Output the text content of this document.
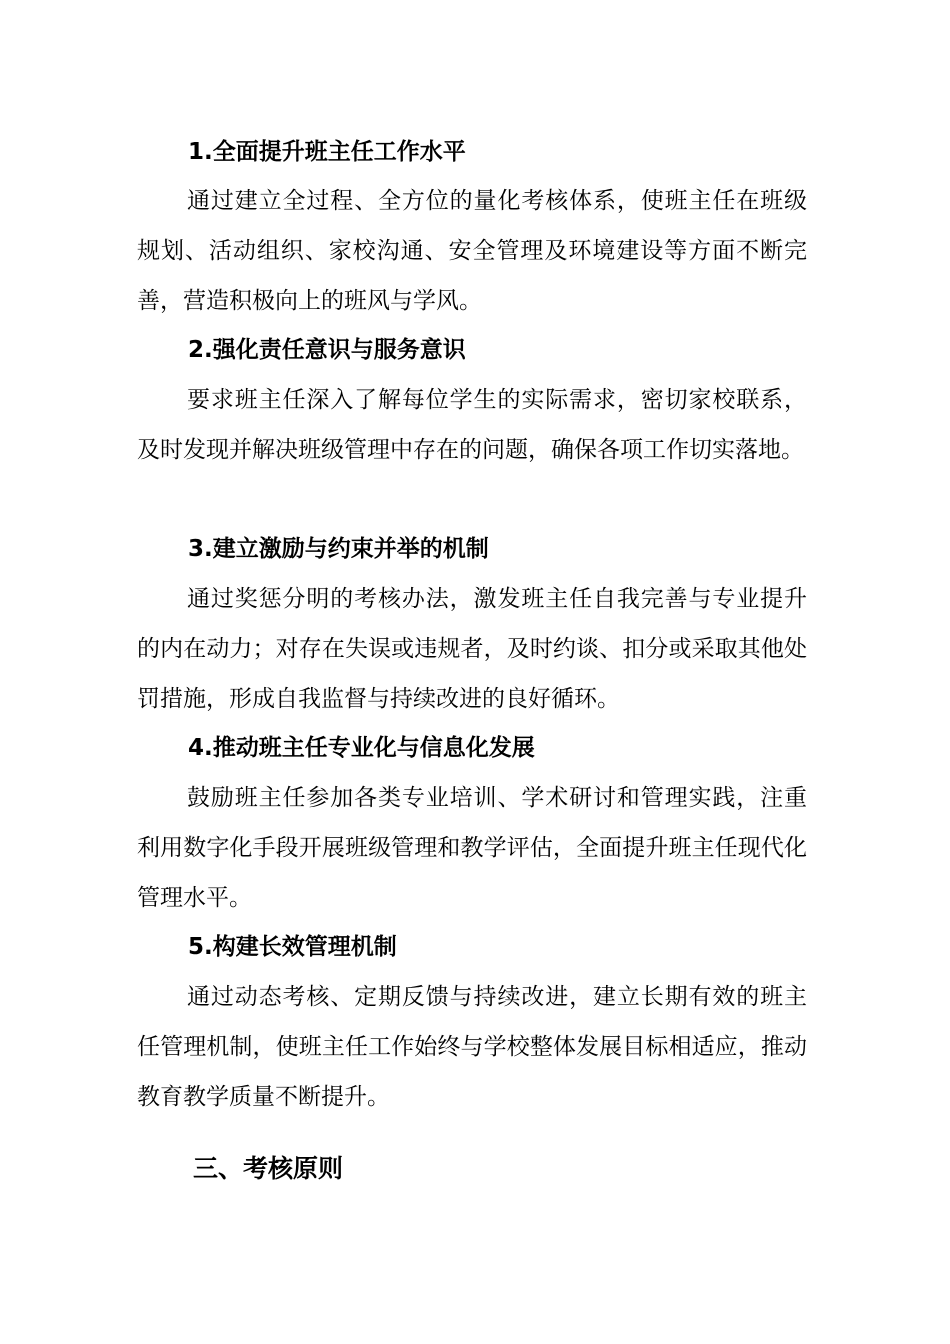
1.全面提升班主任工作水平
通过建立全过程、全方位的量化考核体系，使班主任在班级规划、活动组织、家校沟通、安全管理及环境建设等方面不断完善，营造积极向上的班风与学风。
2.强化责任意识与服务意识
要求班主任深入了解每位学生的实际需求，密切家校联系，及时发现并解决班级管理中存在的问题，确保各项工作切实落地。
3.建立激励与约束并举的机制
通过奖惩分明的考核办法，激发班主任自我完善与专业提升的内在动力；对存在失误或违规者，及时约谈、扣分或采取其他处罚措施，形成自我监督与持续改进的良好循环。
4.推动班主任专业化与信息化发展
鼓励班主任参加各类专业培训、学术研讨和管理实践，注重利用数字化手段开展班级管理和教学评估，全面提升班主任现代化管理水平。
5.构建长效管理机制
通过动态考核、定期反馈与持续改进，建立长期有效的班主任管理机制，使班主任工作始终与学校整体发展目标相适应，推动教育教学质量不断提升。
三、考核原则
